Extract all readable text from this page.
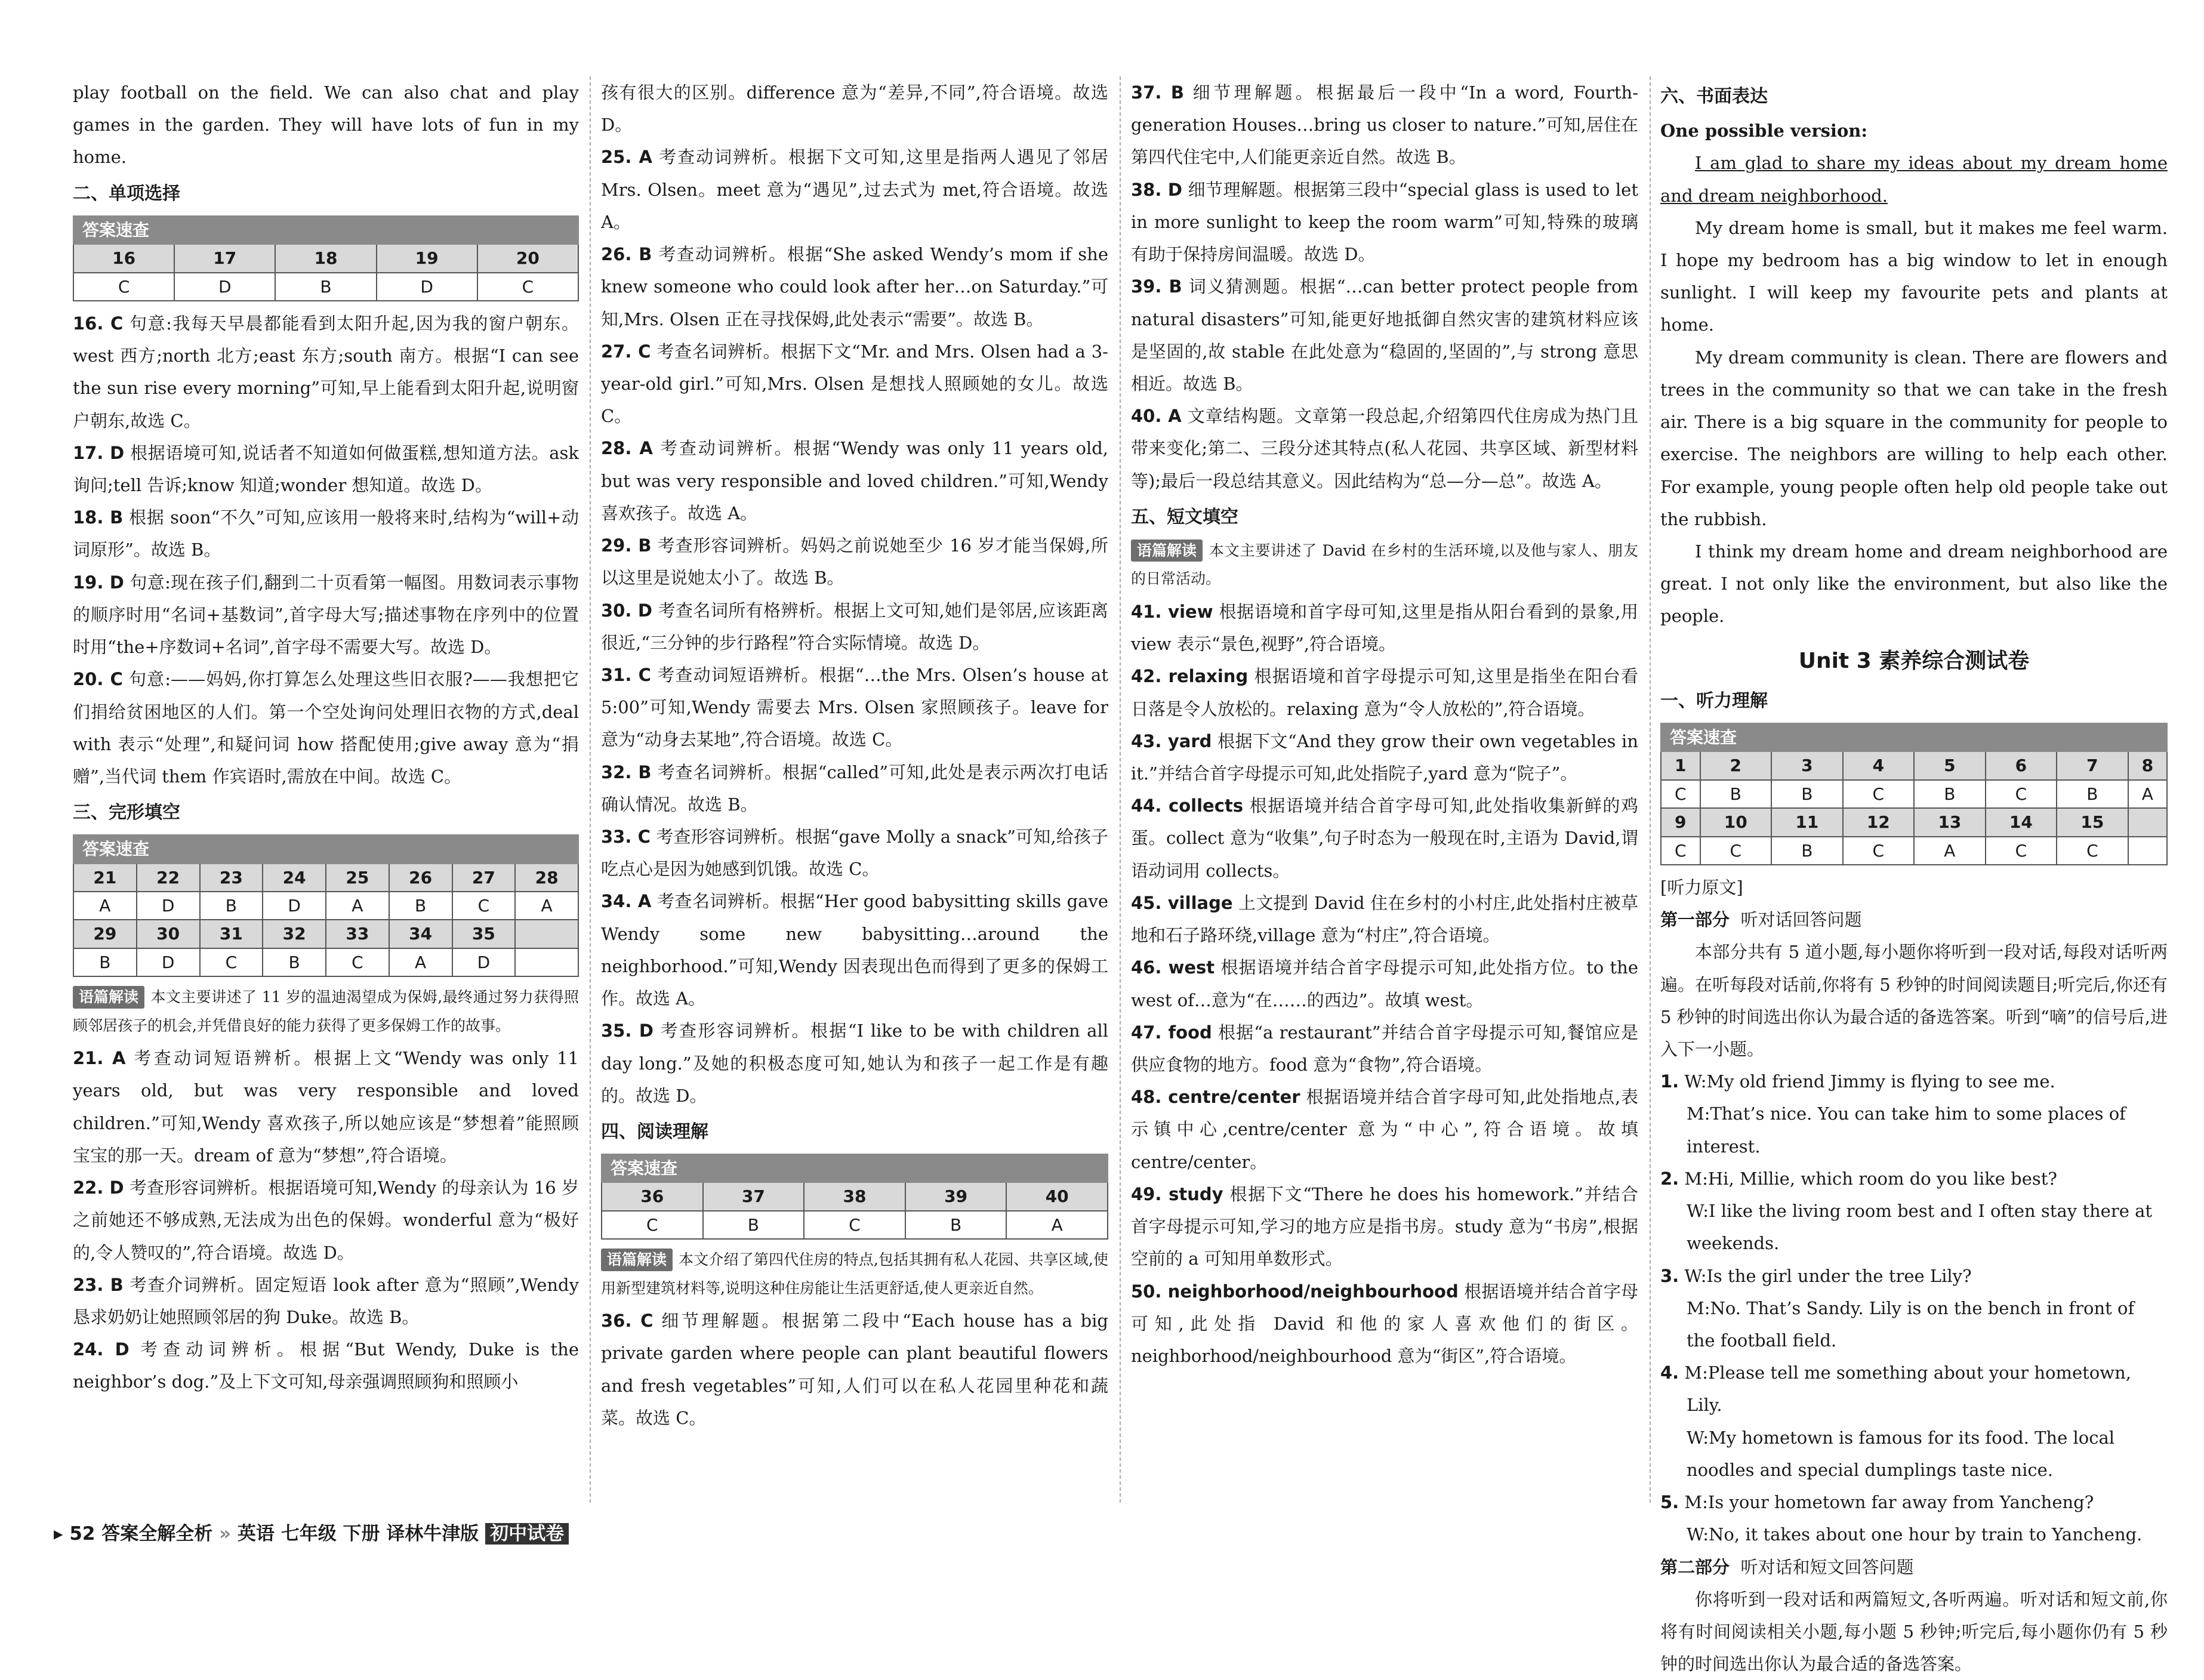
play football on the field. We can also chat and play games in the garden. They will have lots of fun in my home.

二、单项选择
答案速查				
16	17	18	19	20
C	D	B	D	C

16. C 句意:我每天早晨都能看到太阳升起,因为我的窗户朝东。west 西方;north 北方;east 东方;south 南方。根据“I can see the sun rise every morning”可知,早上能看到太阳升起,说明窗户朝东,故选 C。

17. D 根据语境可知,说话者不知道如何做蛋糕,想知道方法。ask 询问;tell 告诉;know 知道;wonder 想知道。故选 D。

18. B 根据 soon“不久”可知,应该用一般将来时,结构为“will+动词原形”。故选 B。

19. D 句意:现在孩子们,翻到二十页看第一幅图。用数词表示事物的顺序时用“名词+基数词”,首字母大写;描述事物在序列中的位置时用“the+序数词+名词”,首字母不需要大写。故选 D。

20. C 句意:——妈妈,你打算怎么处理这些旧衣服?——我想把它们捐给贫困地区的人们。第一个空处询问处理旧衣物的方式,deal with 表示“处理”,和疑问词 how 搭配使用;give away 意为“捐赠”,当代词 them 作宾语时,需放在中间。故选 C。

三、完形填空
答案速查							
21	22	23	24	25	26	27	28
A	D	B	D	A	B	C	A
29	30	31	32	33	34	35	
B	D	C	B	C	A	D	

语篇解读 本文主要讲述了 11 岁的温迪渴望成为保姆,最终通过努力获得照顾邻居孩子的机会,并凭借良好的能力获得了更多保姆工作的故事。

21. A 考查动词短语辨析。根据上文“Wendy was only 11 years old, but was very responsible and loved children.”可知,Wendy 喜欢孩子,所以她应该是“梦想着”能照顾宝宝的那一天。dream of 意为“梦想”,符合语境。

22. D 考查形容词辨析。根据语境可知,Wendy 的母亲认为 16 岁之前她还不够成熟,无法成为出色的保姆。wonderful 意为“极好的,令人赞叹的”,符合语境。故选 D。

23. B 考查介词辨析。固定短语 look after 意为“照顾”,Wendy 恳求奶奶让她照顾邻居的狗 Duke。故选 B。

24. D 考查动词辨析。根据“But Wendy, Duke is the neighbor’s dog.”及上下文可知,母亲强调照顾狗和照顾小

孩有很大的区别。difference 意为“差异,不同”,符合语境。故选 D。

25. A 考查动词辨析。根据下文可知,这里是指两人遇见了邻居 Mrs. Olsen。meet 意为“遇见”,过去式为 met,符合语境。故选 A。

26. B 考查动词辨析。根据“She asked Wendy’s mom if she knew someone who could look after her…on Saturday.”可知,Mrs. Olsen 正在寻找保姆,此处表示“需要”。故选 B。

27. C 考查名词辨析。根据下文“Mr. and Mrs. Olsen had a 3-year-old girl.”可知,Mrs. Olsen 是想找人照顾她的女儿。故选 C。

28. A 考查动词辨析。根据“Wendy was only 11 years old, but was very responsible and loved children.”可知,Wendy 喜欢孩子。故选 A。

29. B 考查形容词辨析。妈妈之前说她至少 16 岁才能当保姆,所以这里是说她太小了。故选 B。

30. D 考查名词所有格辨析。根据上文可知,她们是邻居,应该距离很近,“三分钟的步行路程”符合实际情境。故选 D。

31. C 考查动词短语辨析。根据“…the Mrs. Olsen’s house at 5:00”可知,Wendy 需要去 Mrs. Olsen 家照顾孩子。leave for 意为“动身去某地”,符合语境。故选 C。

32. B 考查名词辨析。根据“called”可知,此处是表示两次打电话确认情况。故选 B。

33. C 考查形容词辨析。根据“gave Molly a snack”可知,给孩子吃点心是因为她感到饥饿。故选 C。

34. A 考查名词辨析。根据“Her good babysitting skills gave Wendy some new babysitting…around the neighborhood.”可知,Wendy 因表现出色而得到了更多的保姆工作。故选 A。

35. D 考查形容词辨析。根据“I like to be with children all day long.”及她的积极态度可知,她认为和孩子一起工作是有趣的。故选 D。

四、阅读理解
答案速查				
36	37	38	39	40
C	B	C	B	A

语篇解读 本文介绍了第四代住房的特点,包括其拥有私人花园、共享区域,使用新型建筑材料等,说明这种住房能让生活更舒适,使人更亲近自然。

36. C 细节理解题。根据第二段中“Each house has a big private garden where people can plant beautiful flowers and fresh vegetables”可知,人们可以在私人花园里种花和蔬菜。故选 C。

37. B 细节理解题。根据最后一段中“In a word, Fourth-generation Houses…bring us closer to nature.”可知,居住在第四代住宅中,人们能更亲近自然。故选 B。

38. D 细节理解题。根据第三段中“special glass is used to let in more sunlight to keep the room warm”可知,特殊的玻璃有助于保持房间温暖。故选 D。

39. B 词义猜测题。根据“…can better protect people from natural disasters”可知,能更好地抵御自然灾害的建筑材料应该是坚固的,故 stable 在此处意为“稳固的,坚固的”,与 strong 意思相近。故选 B。

40. A 文章结构题。文章第一段总起,介绍第四代住房成为热门且带来变化;第二、三段分述其特点(私人花园、共享区域、新型材料等);最后一段总结其意义。因此结构为“总—分—总”。故选 A。

五、短文填空

语篇解读 本文主要讲述了 David 在乡村的生活环境,以及他与家人、朋友的日常活动。

41. view 根据语境和首字母可知,这里是指从阳台看到的景象,用 view 表示“景色,视野”,符合语境。

42. relaxing 根据语境和首字母提示可知,这里是指坐在阳台看日落是令人放松的。relaxing 意为“令人放松的”,符合语境。

43. yard 根据下文“And they grow their own vegetables in it.”并结合首字母提示可知,此处指院子,yard 意为“院子”。

44. collects 根据语境并结合首字母可知,此处指收集新鲜的鸡蛋。collect 意为“收集”,句子时态为一般现在时,主语为 David,谓语动词用 collects。

45. village 上文提到 David 住在乡村的小村庄,此处指村庄被草地和石子路环绕,village 意为“村庄”,符合语境。

46. west 根据语境并结合首字母提示可知,此处指方位。to the west of…意为“在……的西边”。故填 west。

47. food 根据“a restaurant”并结合首字母提示可知,餐馆应是供应食物的地方。food 意为“食物”,符合语境。

48. centre/center 根据语境并结合首字母可知,此处指地点,表示镇中心,centre/center 意为“中心”,符合语境。故填 centre/center。

49. study 根据下文“There he does his homework.”并结合首字母提示可知,学习的地方应是指书房。study 意为“书房”,根据空前的 a 可知用单数形式。

50. neighborhood/neighbourhood 根据语境并结合首字母可知,此处指 David 和他的家人喜欢他们的街区。neighborhood/neighbourhood 意为“街区”,符合语境。

六、书面表达

One possible version:

I am glad to share my ideas about my dream home and dream neighborhood.

My dream home is small, but it makes me feel warm. I hope my bedroom has a big window to let in enough sunlight. I will keep my favourite pets and plants at home.

My dream community is clean. There are flowers and trees in the community so that we can take in the fresh air. There is a big square in the community for people to exercise. The neighbors are willing to help each other. For example, young people often help old people take out the rubbish.

I think my dream home and dream neighborhood are great. I not only like the environment, but also like the people.

Unit 3 素养综合测试卷
一、听力理解
答案速查							
1	2	3	4	5	6	7	8
C	B	B	C	B	C	B	A
9	10	11	12	13	14	15	
C	C	B	C	A	C	C	

[听力原文]

第一部分 听对话回答问题

本部分共有 5 道小题,每小题你将听到一段对话,每段对话听两遍。在听每段对话前,你将有 5 秒钟的时间阅读题目;听完后,你还有 5 秒钟的时间选出你认为最合适的备选答案。听到“嘀”的信号后,进入下一小题。

1. W:My old friend Jimmy is flying to see me.

M:That’s nice. You can take him to some places of interest.

2. M:Hi, Millie, which room do you like best?

W:I like the living room best and I often stay there at weekends.

3. W:Is the girl under the tree Lily?

M:No. That’s Sandy. Lily is on the bench in front of the football field.

4. M:Please tell me something about your hometown, Lily.

W:My hometown is famous for its food. The local noodles and special dumplings taste nice.

5. M:Is your hometown far away from Yancheng?

W:No, it takes about one hour by train to Yancheng.

第二部分 听对话和短文回答问题

你将听到一段对话和两篇短文,各听两遍。听对话和短文前,你将有时间阅读相关小题,每小题 5 秒钟;听完后,每小题你仍有 5 秒钟的时间选出你认为最合适的备选答案。

▸ 52 答案全解全析 » 英语 七年级 下册 译林牛津版 初中试卷
